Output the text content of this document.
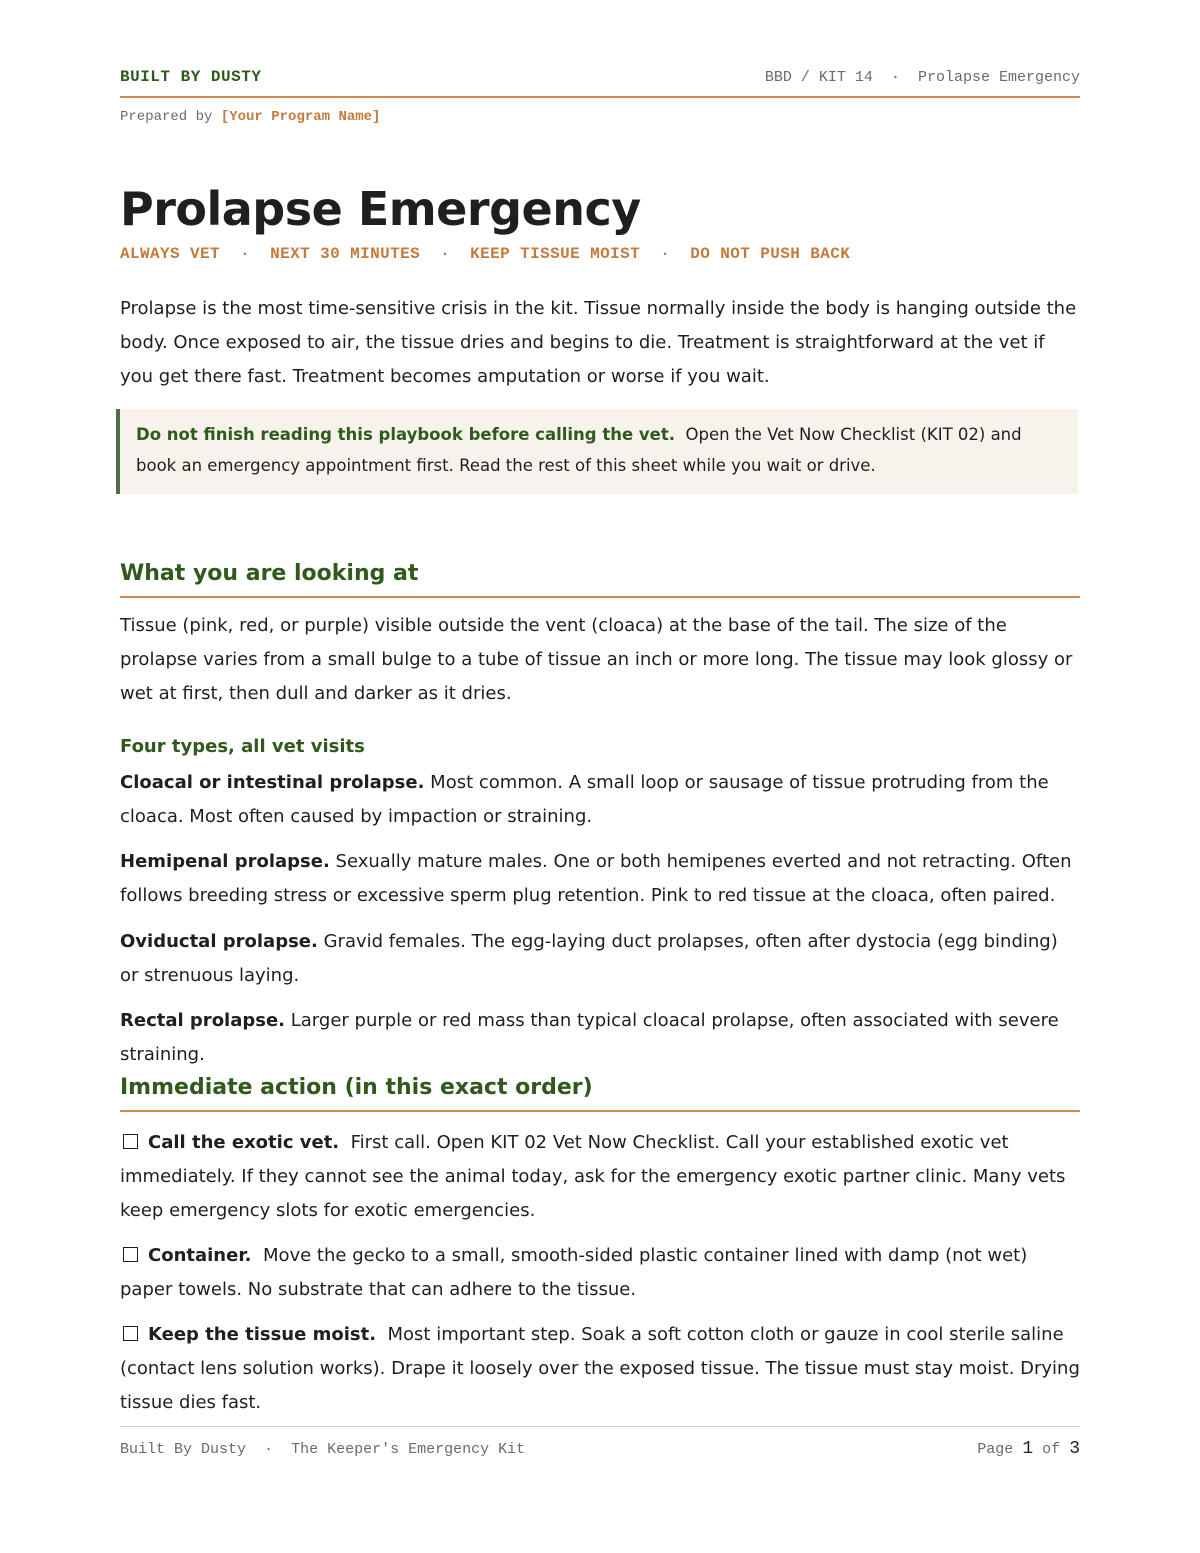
BUILT BY DUSTY	BBD / KIT 14 · Prolapse Emergency
Prepared by [Your Program Name]
Prolapse Emergency
ALWAYS VET · NEXT 30 MINUTES · KEEP TISSUE MOIST · DO NOT PUSH BACK

Prolapse is the most time-sensitive crisis in the kit. Tissue normally inside the body is hanging outside the body. Once exposed to air, the tissue dries and begins to die. Treatment is straightforward at the vet if you get there fast. Treatment becomes amputation or worse if you wait.

Do not finish reading this playbook before calling the vet. Open the Vet Now Checklist (KIT 02) and book an emergency appointment first. Read the rest of this sheet while you wait or drive.
What you are looking at

Tissue (pink, red, or purple) visible outside the vent (cloaca) at the base of the tail. The size of the prolapse varies from a small bulge to a tube of tissue an inch or more long. The tissue may look glossy or wet at first, then dull and darker as it dries.

Four types, all vet visits

Cloacal or intestinal prolapse. Most common. A small loop or sausage of tissue protruding from the cloaca. Most often caused by impaction or straining.

Hemipenal prolapse. Sexually mature males. One or both hemipenes everted and not retracting. Often follows breeding stress or excessive sperm plug retention. Pink to red tissue at the cloaca, often paired.

Oviductal prolapse. Gravid females. The egg-laying duct prolapses, often after dystocia (egg binding) or strenuous laying.

Rectal prolapse. Larger purple or red mass than typical cloacal prolapse, often associated with severe straining.

Immediate action (in this exact order)

Call the exotic vet. First call. Open KIT 02 Vet Now Checklist. Call your established exotic vet immediately. If they cannot see the animal today, ask for the emergency exotic partner clinic. Many vets keep emergency slots for exotic emergencies.

Container. Move the gecko to a small, smooth-sided plastic container lined with damp (not wet) paper towels. No substrate that can adhere to the tissue.

Keep the tissue moist. Most important step. Soak a soft cotton cloth or gauze in cool sterile saline (contact lens solution works). Drape it loosely over the exposed tissue. The tissue must stay moist. Drying tissue dies fast.

Built By Dusty · The Keeper's Emergency Kit	Page 1 of 3
